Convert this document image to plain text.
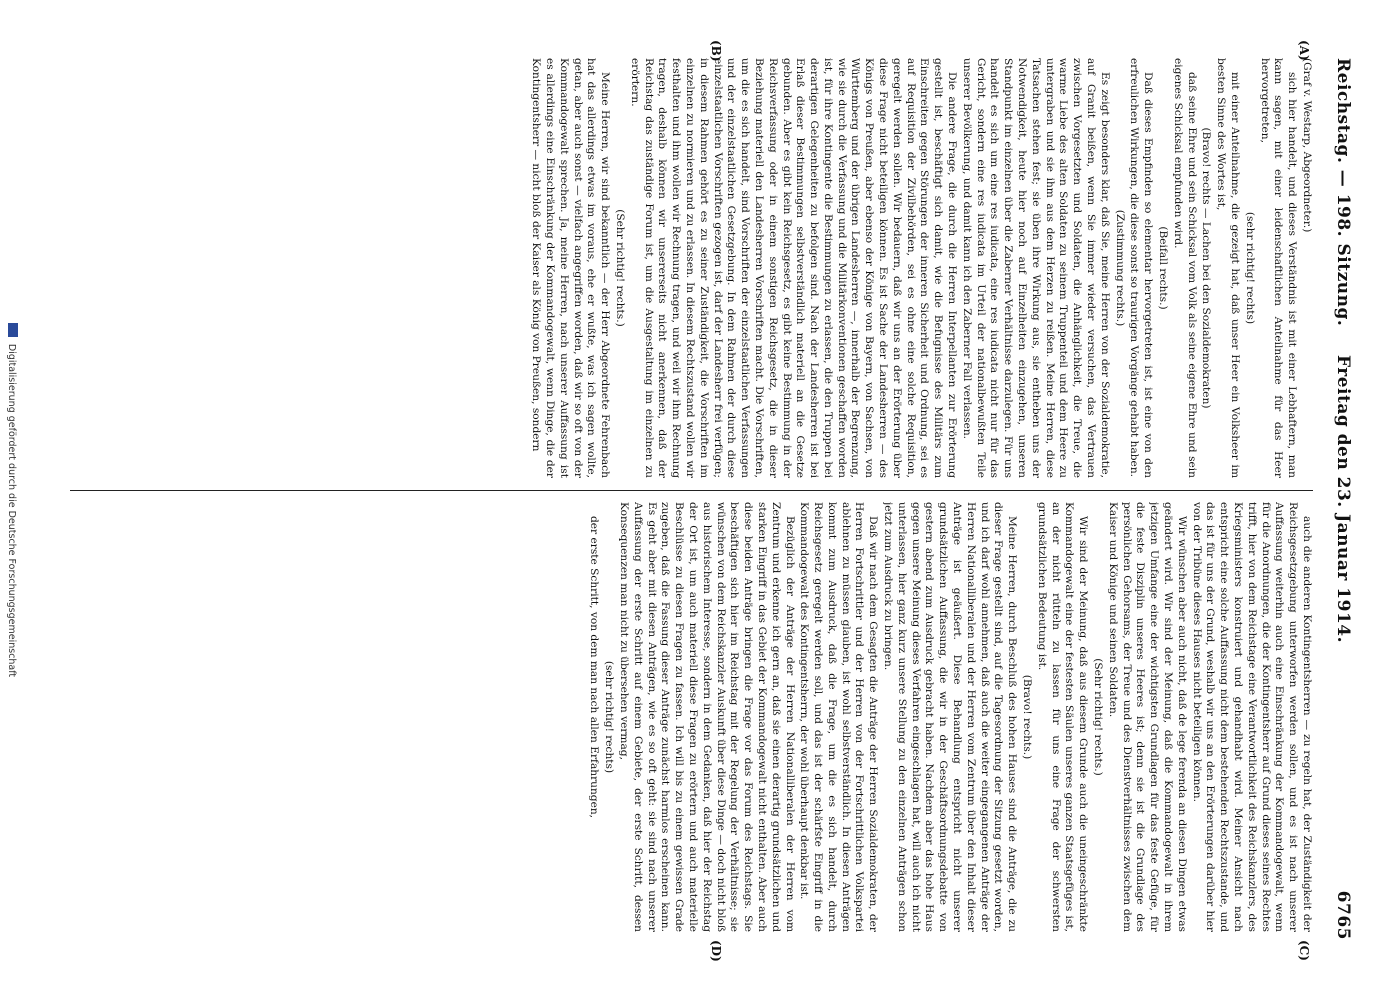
Reichstag. — 198. Sitzung.
Freitag den 23. Januar 1914.
6765
(A)
(B)
(C)
(D)

(Graf v. Westarp, Abgeordneter.)

sich hier handelt, und dieses Verständnis ist mit einer Lebhaftern, man kann sagen, mit einer leidenschaftlichen Anteilnahme für das Heer hervorgetreten,

(sehr richtig! rechts)

mit einer Anteilnahme, die gezeigt hat, daß unser Heer ein Volksheer im besten Sinne des Wortes ist,

(Bravo! rechts — Lachen bei den Sozialdemokraten)

daß seine Ehre und sein Schicksal vom Volk als seine eigene Ehre und sein eigenes Schicksal empfunden wird.

(Beifall rechts.)

Daß dieses Empfinden so elementar hervorgetreten ist, ist eine von den erfreulichen Wirkungen, die diese sonst so traurigen Vorgänge gehabt haben.

(Zustimmung rechts.)

Es zeigt besonders klar, daß Sie, meine Herren von der Sozialdemokratie, auf Granit beißen, wenn Sie immer wieder versuchen, das Vertrauen zwischen Vorgesetzten und Soldaten, die Anhänglichkeit, die Treue, die warme Liebe des alten Soldaten zu seinem Truppenteil und dem Heere zu untergraben und sie ihm aus dem Herzen zu reißen. Meine Herren, diese Tatsachen stehen fest; sie üben ihre Wirkung aus, sie entheben uns der Notwendigkeit, heute hier noch auf Einzelheiten einzugehen, unseren Standpunkt im einzelnen über die Zaberner Verhältnisse darzulegen. Für uns handelt es sich um eine res iudicata, eine res iudicata nicht nur für das Gericht, sondern eine res iudicata im Urteil der nationalbewußten Teile unserer Bevölkerung, und damit kann ich den Zaberner Fall verlassen.

Die andere Frage, die durch die Herren Interpellanten zur Erörterung gestellt ist, beschäftigt sich damit, wie die Befugnisse des Militärs zum Einschreiten gegen Störungen der inneren Sicherheit und Ordnung, sei es auf Requisition der Zivilbehörden, sei es ohne eine solche Requisition, geregelt werden sollen. Wir bedauern, daß wir uns an der Erörterung über diese Frage nicht beteiligen können. Es ist Sache der Landesherren — des Königs von Preußen, aber ebenso der Könige von Bayern, von Sachsen, von Württemberg und der übrigen Landesherren —, innerhalb der Begrenzung, wie sie durch die Verfassung und die Militärkonventionen geschaffen worden ist, für ihre Kontingente die Bestimmungen zu erlassen, die den Truppen bei derartigen Gelegenheiten zu befolgen sind. Nach der Landesherren ist bei Erlaß dieser Bestimmungen selbstverständlich materiell an die Gesetze gebunden. Aber es gibt kein Reichsgesetz, es gibt keine Bestimmung in der Reichsverfassung oder in einem sonstigen Reichsgesetz, die in dieser Beziehung materiell den Landesherren Vorschriften macht. Die Vorschriften, um die es sich handelt, sind Vorschriften der einzelstaatlichen Verfassungen und der einzelstaatlichen Gesetzgebung. In dem Rahmen der durch diese einzelstaatlichen Vorschriften gezogen ist, darf der Landesherr frei verfügen; in diesem Rahmen gehört es zu seiner Zuständigkeit, die Vorschriften im einzelnen zu normieren und zu erlassen. In diesem Rechtszustand wollen wir festhalten und ihm wollen wir Rechnung tragen, und weil wir ihm Rechnung tragen, deshalb können wir unsererseits nicht anerkennen, daß der Reichstag das zuständige Forum ist, um die Ausgestaltung im einzelnen zu erörtern.

(Sehr richtig! rechts.)

Meine Herren, wir sind bekanntlich — der Herr Abgeordnete Fehrenbach hat das allerdings etwas im voraus, ehe er wußte, was ich sagen wollte, getan, aber auch sonst — vielfach angegriffen worden, daß wir so oft von der Kommandogewalt sprechen. Ja, meine Herren, nach unserer Auffassung ist es allerdings eine Einschränkung der Kommandogewalt, wenn Dinge, die der Kontingentsherr — nicht bloß der Kaiser als König von Preußen, sondern

auch die anderen Kontingentsherren — zu regeln hat, der Zuständigkeit der Reichsgesetzgebung unterworfen werden sollen, und es ist nach unserer Auffassung weiterhin auch eine Einschränkung der Kommandogewalt, wenn für die Anordnungen, die der Kontingentsherr auf Grund dieses seines Rechtes trifft, hier von dem Reichstage eine Verantwortlichkeit des Reichskanzlers, des Kriegsministers konstruiert und gehandhabt wird. Meiner Ansicht nach entspricht eine solche Auffassung nicht dem bestehenden Rechtszustande, und das ist für uns der Grund, weshalb wir uns an den Erörterungen darüber hier von der Tribüne dieses Hauses nicht beteiligen können.

Wir wünschen aber auch nicht, daß de lege ferenda an diesen Dingen etwas geändert wird. Wir sind der Meinung, daß die Kommandogewalt in ihrem jetzigen Umfange eine der wichtigsten Grundlagen für das feste Gefüge, für die feste Disziplin unseres Heeres ist; denn sie ist die Grundlage des persönlichen Gehorsams, der Treue und des Dienstverhältnisses zwischen dem Kaiser und Könige und seinen Soldaten.

(Sehr richtig! rechts.)

Wir sind der Meinung, daß aus diesem Grunde auch die uneingeschränkte Kommandogewalt eine der festesten Säulen unseres ganzen Staatsgefüges ist, an der nicht rütteln zu lassen für uns eine Frage der schwersten grundsätzlichen Bedeutung ist.

(Bravo! rechts.)

Meine Herren, durch Beschluß des hohen Hauses sind die Anträge, die zu dieser Frage gestellt sind, auf die Tagesordnung der Sitzung gesetzt worden, und ich darf wohl annehmen, daß auch die weiter eingegangenen Anträge der Herren Nationalliberalen und der Herren vom Zentrum über den Inhalt dieser Anträge ist geäußert. Diese Behandlung entspricht nicht unserer grundsätzlichen Auffassung, die wir in der Geschäftsordnungsdebatte von gestern abend zum Ausdruck gebracht haben. Nachdem aber das hohe Haus gegen unsere Meinung dieses Verfahren eingeschlagen hat, will auch ich nicht unterlassen, hier ganz kurz unsere Stellung zu den einzelnen Anträgen schon jetzt zum Ausdruck zu bringen.

Daß wir nach dem Gesagten die Anträge der Herren Sozialdemokraten, der Herren Fortschrittler und der Herren von der Fortschrittlichen Volkspartei ablehnen zu müssen glauben, ist wohl selbstverständlich. In diesen Anträgen kommt zum Ausdruck, daß die Frage, um die es sich handelt, durch Reichsgesetz geregelt werden soll, und das ist der schärfste Eingriff in die Kommandogewalt des Kontingentsherrn, der wohl überhaupt denkbar ist.

Bezüglich der Anträge der Herren Nationalliberalen der Herren vom Zentrum und erkenne ich gern an, daß sie einen derartig grundsätzlichen und starken Eingriff in das Gebiet der Kommandogewalt nicht enthalten. Aber auch diese beiden Anträge bringen die Frage vor das Forum des Reichstags. Sie beschäftigen sich hier im Reichstag mit der Regelung der Verhältnisse; sie wünschen von dem Reichskanzler Auskunft über diese Dinge — doch nicht bloß aus historischem Interesse, sondern in dem Gedanken, daß hier der Reichstag der Ort ist, um auch materiell diese Fragen zu erörtern und auch materielle Beschlüsse zu diesen Fragen zu fassen. Ich will bis zu einem gewissen Grade zugeben, daß die Fassung dieser Anträge zunächst harmlos erscheinen kann. Es geht aber mit diesen Anträgen, wie es so oft geht: sie sind nach unserer Auffassung der erste Schritt auf einem Gebiete, der erste Schritt, dessen Konsequenzen man nicht zu übersehen vermag,

(sehr richtig! rechts)

der erste Schritt, von dem man nach allen Erfahrungen,

Digitalisierung gefördert durch die Deutsche Forschungsgemeinschaft
